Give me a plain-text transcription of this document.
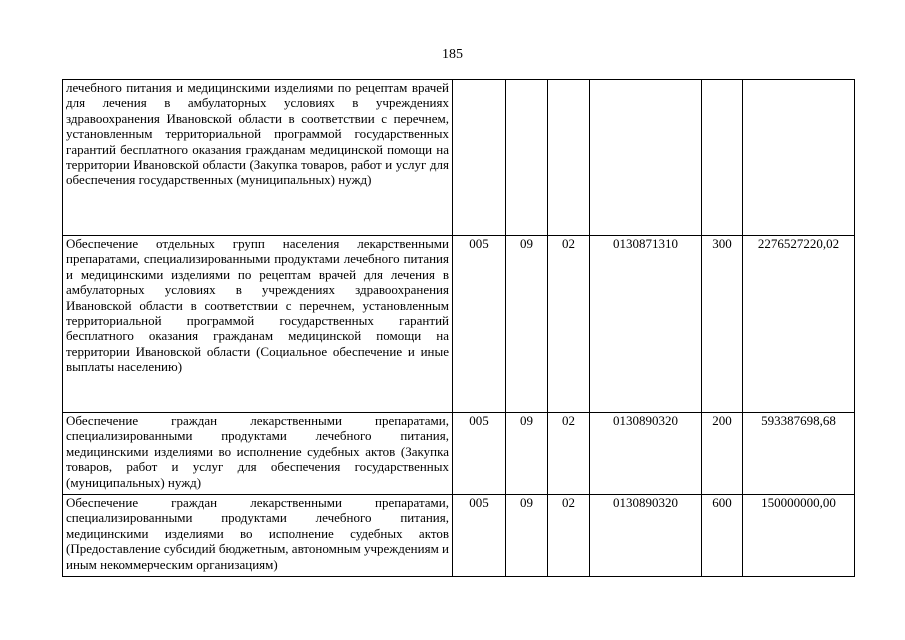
185
лечебного питания и медицинскими изделиями по рецептам врачей для лечения в амбулаторных условиях в учреждениях здравоохранения Ивановской области в соответствии с перечнем, установленным территориальной программой государственных гарантий бесплатного оказания гражданам медицинской помощи на территории Ивановской области (Закупка товаров, работ и услуг для обеспечения государственных (муниципальных) нужд)						
Обеспечение отдельных групп населения лекарственными препаратами, специализированными продуктами лечебного питания и медицинскими изделиями по рецептам врачей для лечения в амбулаторных условиях в учреждениях здравоохранения Ивановской области в соответствии с перечнем, установленным территориальной программой государственных гарантий бесплатного оказания гражданам медицинской помощи на территории Ивановской области (Социальное обеспечение и иные выплаты населению)	005	09	02	0130871310	300	2276527220,02
Обеспечение граждан лекарственными препаратами, специализированными продуктами лечебного питания, медицинскими изделиями во исполнение судебных актов (Закупка товаров, работ и услуг для обеспечения государственных (муниципальных) нужд)	005	09	02	0130890320	200	593387698,68
Обеспечение граждан лекарственными препаратами, специализированными продуктами лечебного питания, медицинскими изделиями во исполнение судебных актов (Предоставление субсидий бюджетным, автономным учреждениям и иным некоммерческим организациям)	005	09	02	0130890320	600	150000000,00
